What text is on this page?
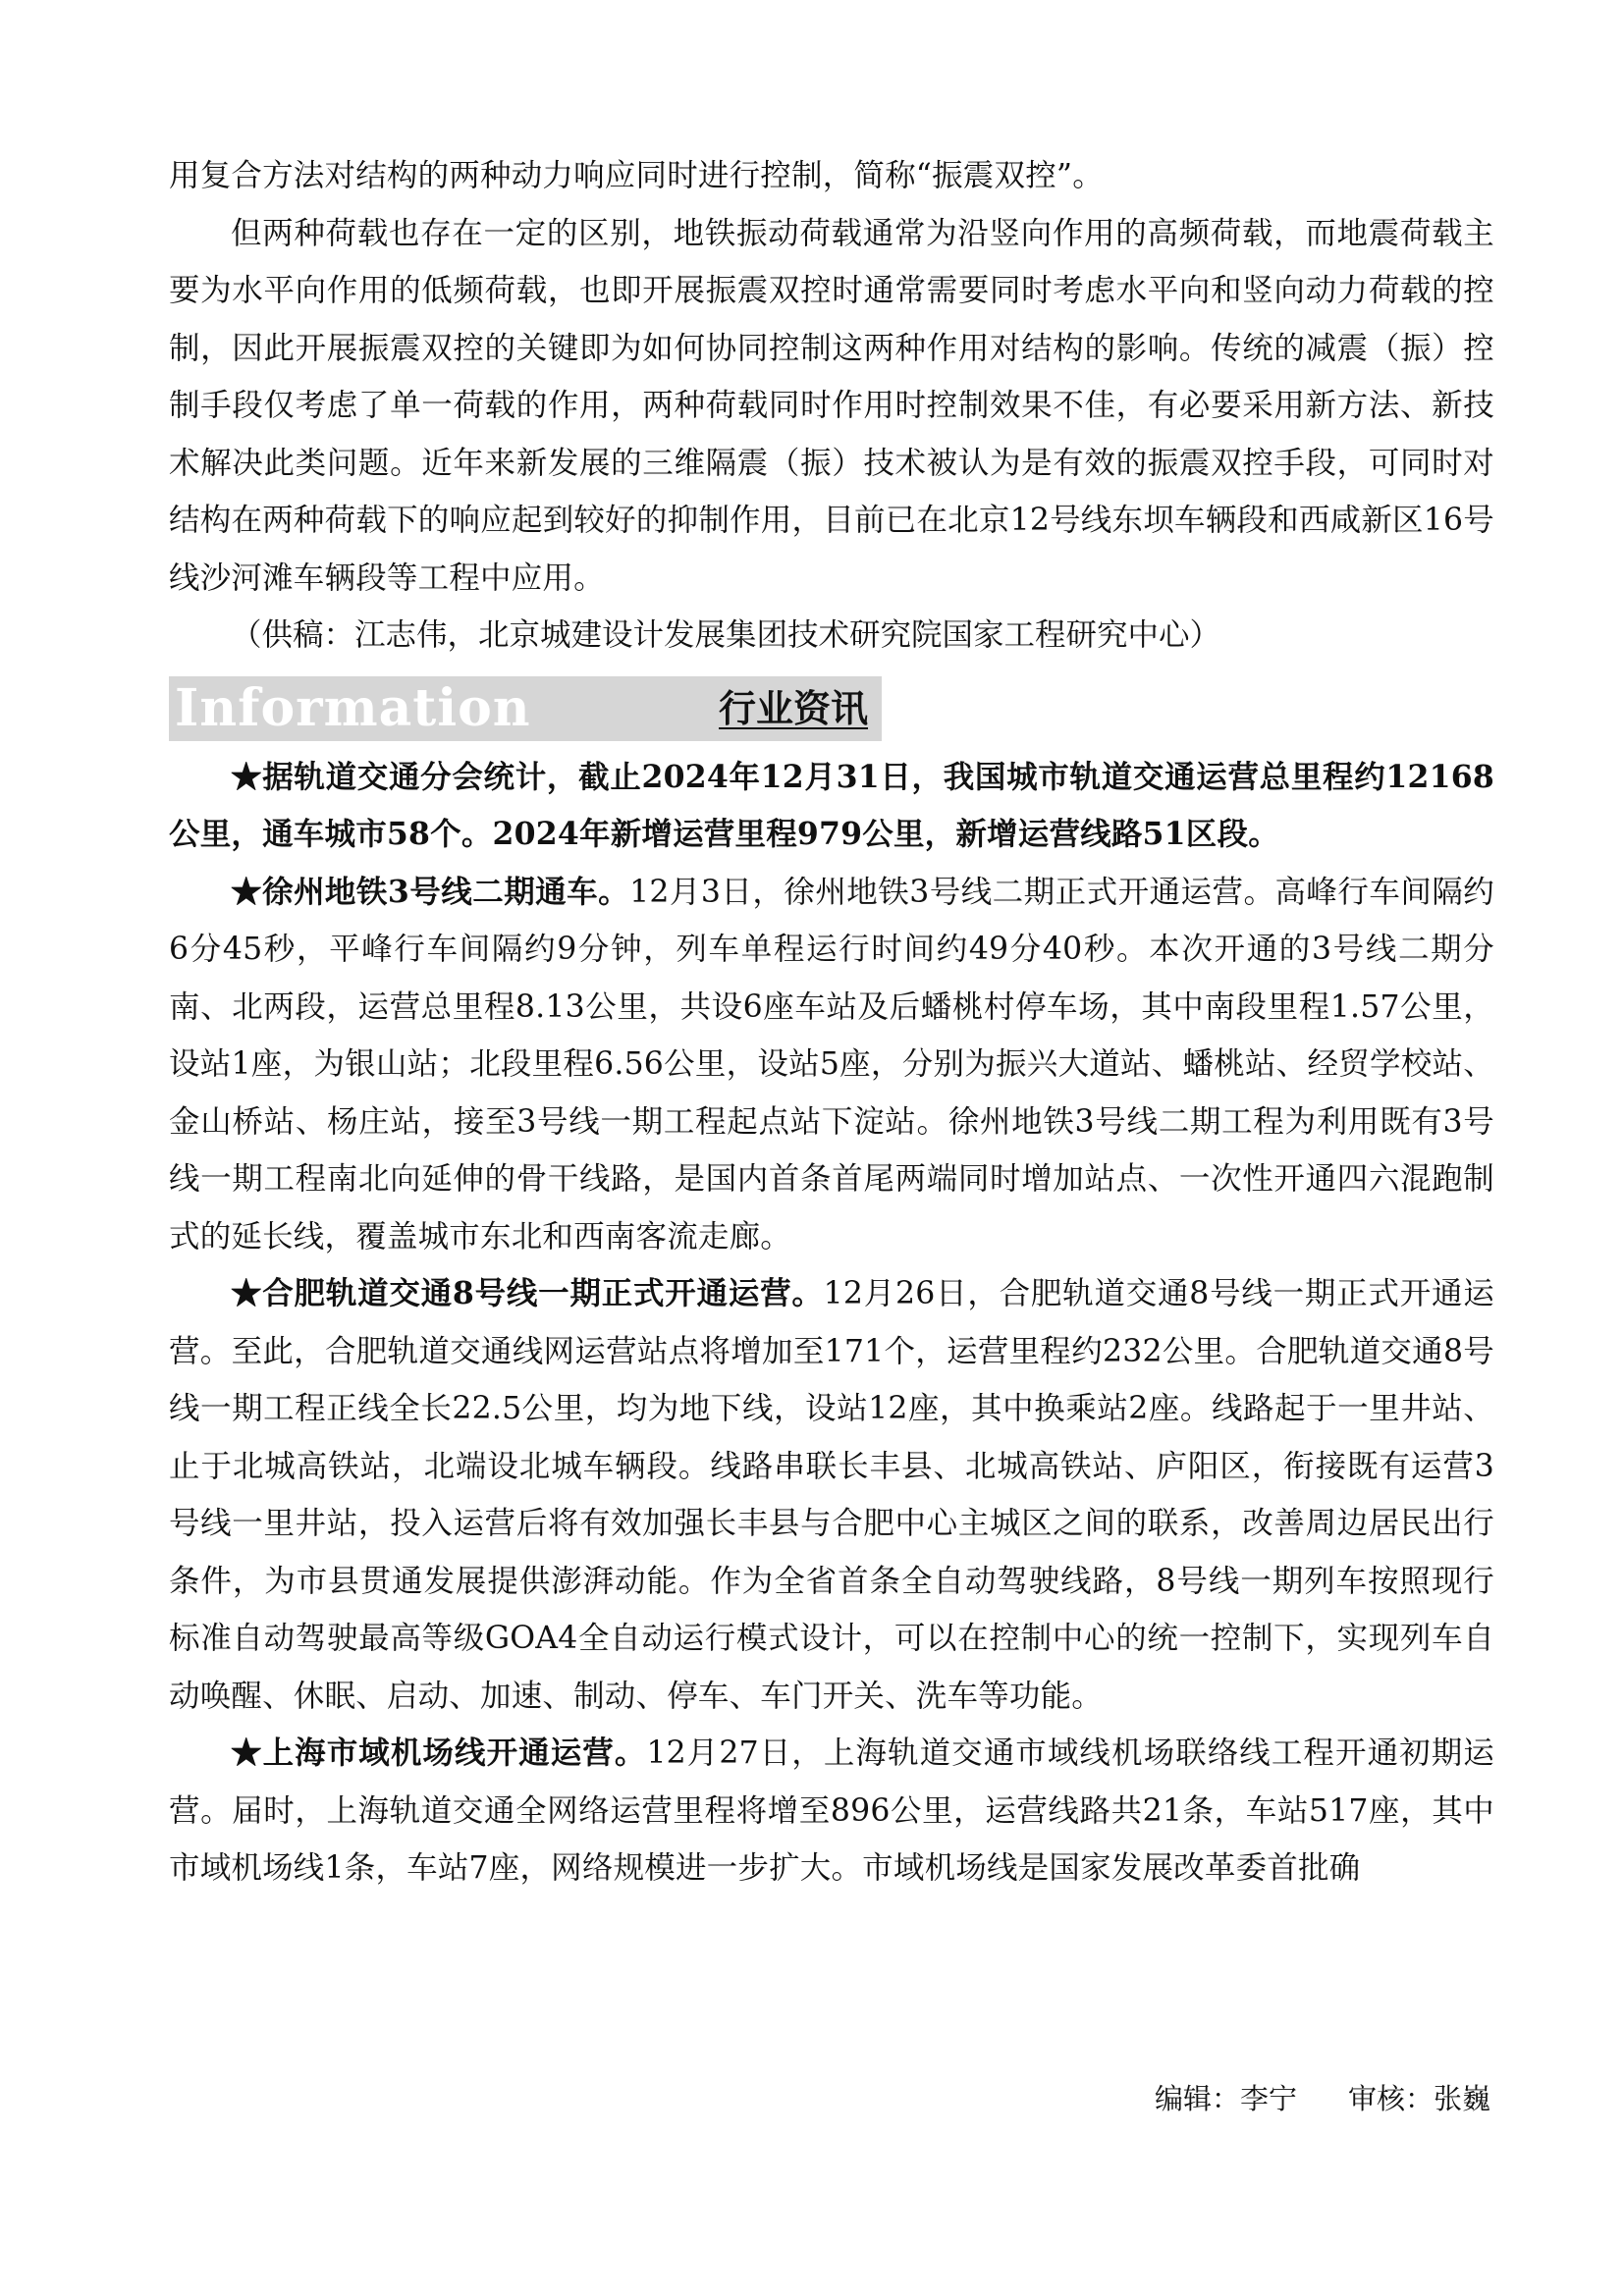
用复合方法对结构的两种动力响应同时进行控制，简称“振震双控”。

但两种荷载也存在一定的区别，地铁振动荷载通常为沿竖向作用的高频荷载，而地震荷载主要为水平向作用的低频荷载，也即开展振震双控时通常需要同时考虑水平向和竖向动力荷载的控制，因此开展振震双控的关键即为如何协同控制这两种作用对结构的影响。传统的减震（振）控制手段仅考虑了单一荷载的作用，两种荷载同时作用时控制效果不佳，有必要采用新方法、新技术解决此类问题。近年来新发展的三维隔震（振）技术被认为是有效的振震双控手段，可同时对结构在两种荷载下的响应起到较好的抑制作用，目前已在北京12号线东坝车辆段和西咸新区16号线沙河滩车辆段等工程中应用。

（供稿：江志伟，北京城建设计发展集团技术研究院国家工程研究中心）

Information	行业资讯

★据轨道交通分会统计，截止2024年12月31日，我国城市轨道交通运营总里程约12168公里，通车城市58个。2024年新增运营里程979公里，新增运营线路51区段。

★徐州地铁3号线二期通车。12月3日，徐州地铁3号线二期正式开通运营。高峰行车间隔约6分45秒，平峰行车间隔约9分钟，列车单程运行时间约49分40秒。本次开通的3号线二期分南、北两段，运营总里程8.13公里，共设6座车站及后蟠桃村停车场，其中南段里程1.57公里，设站1座，为银山站；北段里程6.56公里，设站5座，分别为振兴大道站、蟠桃站、经贸学校站、金山桥站、杨庄站，接至3号线一期工程起点站下淀站。徐州地铁3号线二期工程为利用既有3号线一期工程南北向延伸的骨干线路，是国内首条首尾两端同时增加站点、一次性开通四六混跑制式的延长线，覆盖城市东北和西南客流走廊。

★合肥轨道交通8号线一期正式开通运营。12月26日，合肥轨道交通8号线一期正式开通运营。至此，合肥轨道交通线网运营站点将增加至171个，运营里程约232公里。合肥轨道交通8号线一期工程正线全长22.5公里，均为地下线，设站12座，其中换乘站2座。线路起于一里井站、止于北城高铁站，北端设北城车辆段。线路串联长丰县、北城高铁站、庐阳区，衔接既有运营3号线一里井站，投入运营后将有效加强长丰县与合肥中心主城区之间的联系，改善周边居民出行条件，为市县贯通发展提供澎湃动能。作为全省首条全自动驾驶线路，8号线一期列车按照现行标准自动驾驶最高等级GOA4全自动运行模式设计，可以在控制中心的统一控制下，实现列车自动唤醒、休眠、启动、加速、制动、停车、车门开关、洗车等功能。

★上海市域机场线开通运营。12月27日，上海轨道交通市域线机场联络线工程开通初期运营。届时，上海轨道交通全网络运营里程将增至896公里，运营线路共21条，车站517座，其中市域机场线1条，车站7座，网络规模进一步扩大。市域机场线是国家发展改革委首批确

编辑：李宁 审核：张巍
